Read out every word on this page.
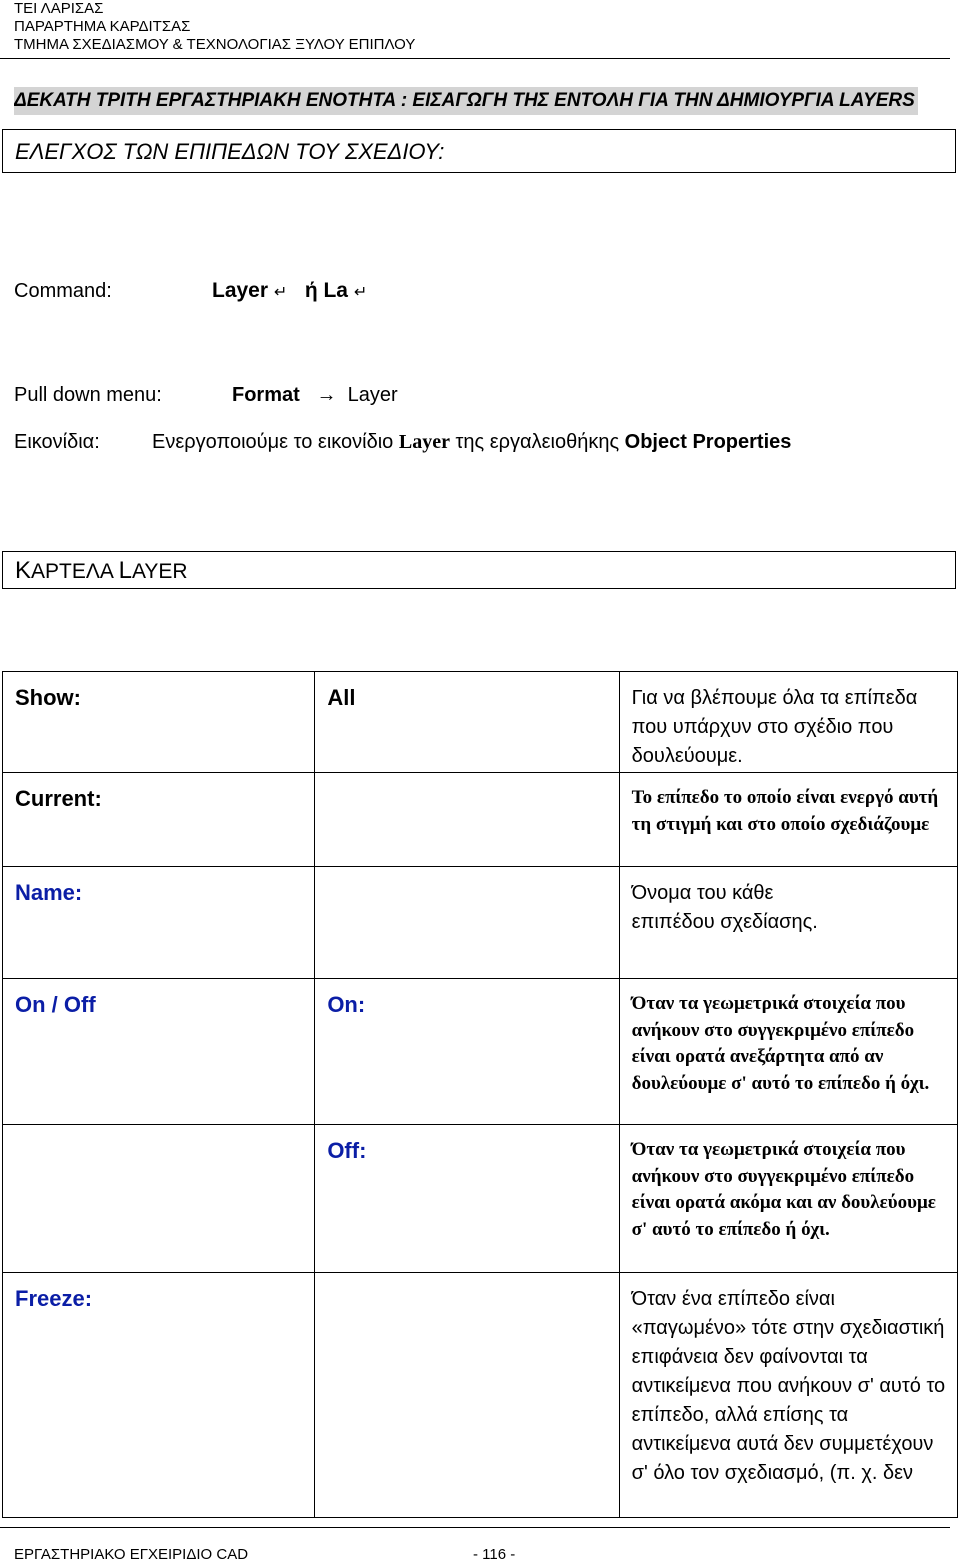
ΤΕΙ ΛΑΡΙΣΑΣ
ΠΑΡΑΡΤΗΜΑ ΚΑΡΔΙΤΣΑΣ
ΤΜΗΜΑ ΣΧΕΔΙΑΣΜΟΥ & ΤΕΧΝΟΛΟΓΙΑΣ ΞΥΛΟΥ ΕΠΙΠΛΟΥ
ΔΕΚΑΤΗ ΤΡΙΤΗ ΕΡΓΑΣΤΗΡΙΑΚΗ ΕΝΟΤΗΤΑ : ΕΙΣΑΓΩΓΗ ΤΗΣ ΕΝΤΟΛΗ ΓΙΑ ΤΗΝ ΔΗΜΙΟΥΡΓΙΑ LAYERS
ΕΛΕΓΧΟΣ ΤΩΝ ΕΠΙΠΕΔΩΝ ΤΟΥ ΣΧΕΔΙΟΥ:
Command:	Layer ↵ ή La ↵
Pull down menu:	Format → Layer
Εικονίδια:	Ενεργοποιούμε το εικονίδιο Layer της εργαλειοθήκης Object Properties
ΚΑΡΤΕΛΑ LAYER
Show:	All	Για να βλέπουμε όλα τα επίπεδα που υπάρχυν στο σχέδιο που δουλεύουμε.

Current:		Το επίπεδο το οποίο είναι ενεργό αυτή τη στιγμή και στο οποίο σχεδιάζουμε

Name:		Όνομα του κάθε επιπέδου σχεδίασης.

On / Off	On:	Όταν τα γεωμετρικά στοιχεία που ανήκουν στο συγγεκριμένο επίπεδο είναι ορατά ανεξάρτητα από αν δουλεύουμε σ' αυτό το επίπεδο ή όχι.

	Off:	Όταν τα γεωμετρικά στοιχεία που ανήκουν στο συγγεκριμένο επίπεδο είναι ορατά ακόμα και αν δουλεύουμε σ' αυτό το επίπεδο ή όχι.

Freeze:		Όταν ένα επίπεδο είναι «παγωμένο» τότε στην σχεδιαστική επιφάνεια δεν φαίνονται τα αντικείμενα που ανήκουν σ' αυτό το επίπεδο, αλλά επίσης τα αντικείμενα αυτά δεν συμμετέχουν σ' όλο τον σχεδιασμό, (π. χ. δεν
ΕΡΓΑΣΤΗΡΙΑΚΟ ΕΓΧΕΙΡΙΔΙΟ CAD	- 116 -
